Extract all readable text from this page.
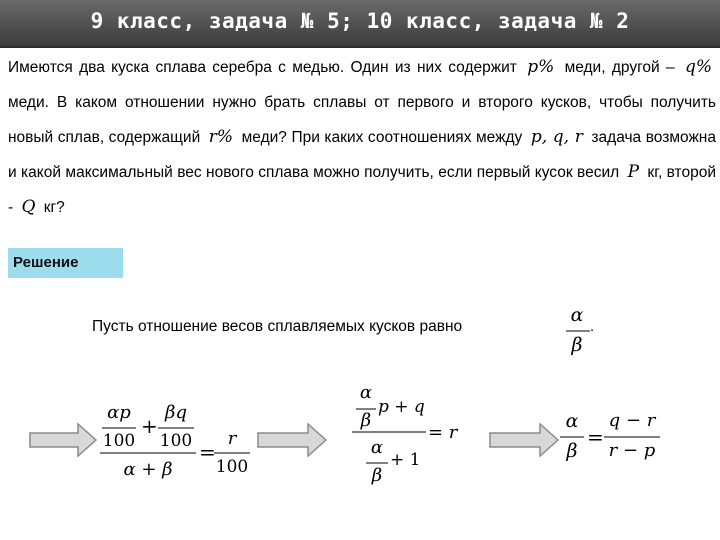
9 класс, задача № 5; 10 класс, задача № 2

Имеются два куска сплава серебра с медью. Один из них содержит p% меди, другой – q% меди. В каком отношении нужно брать сплавы от первого и второго кусков, чтобы получить новый сплав, содержащий r% меди? При каких соотношениях между p, q, r задача возможна и какой максимальный вес нового сплава можно получить, если первый кусок весил P кг, второй - Q кг?

Решение
Пусть отношение весов сплавляемых кусков равно
α
β
.
αp
100
+
βq
100
α + β
=
r
100
α
β
p + q
α
β
+ 1
= r
α
β
=
q − r
r − p
